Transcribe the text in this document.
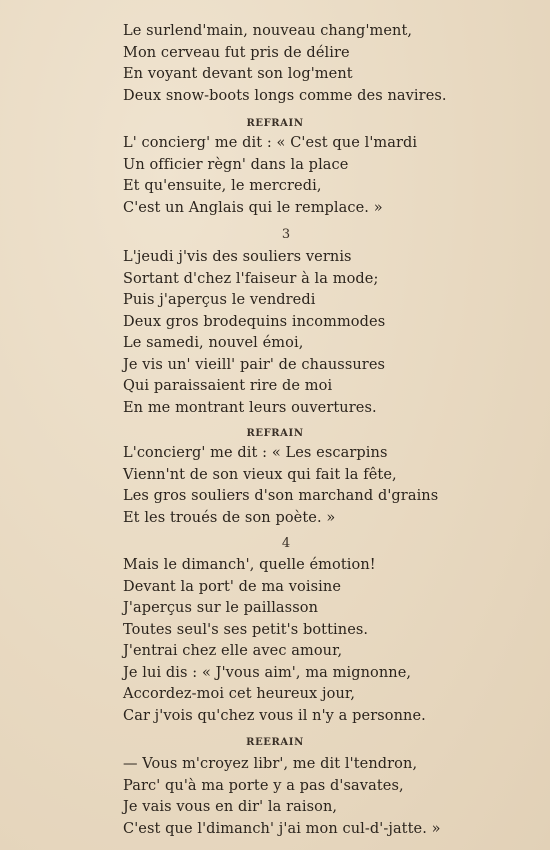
Le surlend'main, nouveau chang'ment,
Mon cerveau fut pris de délire
En voyant devant son log'ment
Deux snow-boots longs comme des navires.
REFRAIN
L' concierg' me dit : « C'est que l'mardi
Un officier règn' dans la place
Et qu'ensuite, le mercredi,
C'est un Anglais qui le remplace. »
3
L'jeudi j'vis des souliers vernis
Sortant d'chez l'faiseur à la mode;
Puis j'aperçus le vendredi
Deux gros brodequins incommodes
Le samedi, nouvel émoi,
Je vis un' vieill' pair' de chaussures
Qui paraissaient rire de moi
En me montrant leurs ouvertures.
REFRAIN
L'concierg' me dit : « Les escarpins
Vienn'nt de son vieux qui fait la fête,
Les gros souliers d'son marchand d'grains
Et les troués de son poète. »
4
Mais le dimanch', quelle émotion!
Devant la port' de ma voisine
J'aperçus sur le paillasson
Toutes seul's ses petit's bottines.
J'entrai chez elle avec amour,
Je lui dis : « J'vous aim', ma mignonne,
Accordez-moi cet heureux jour,
Car j'vois qu'chez vous il n'y a personne.
REERAIN
— Vous m'croyez libr', me dit l'tendron,
Parc' qu'à ma porte y a pas d'savates,
Je vais vous en dir' la raison,
C'est que l'dimanch' j'ai mon cul-d'-jatte. »
